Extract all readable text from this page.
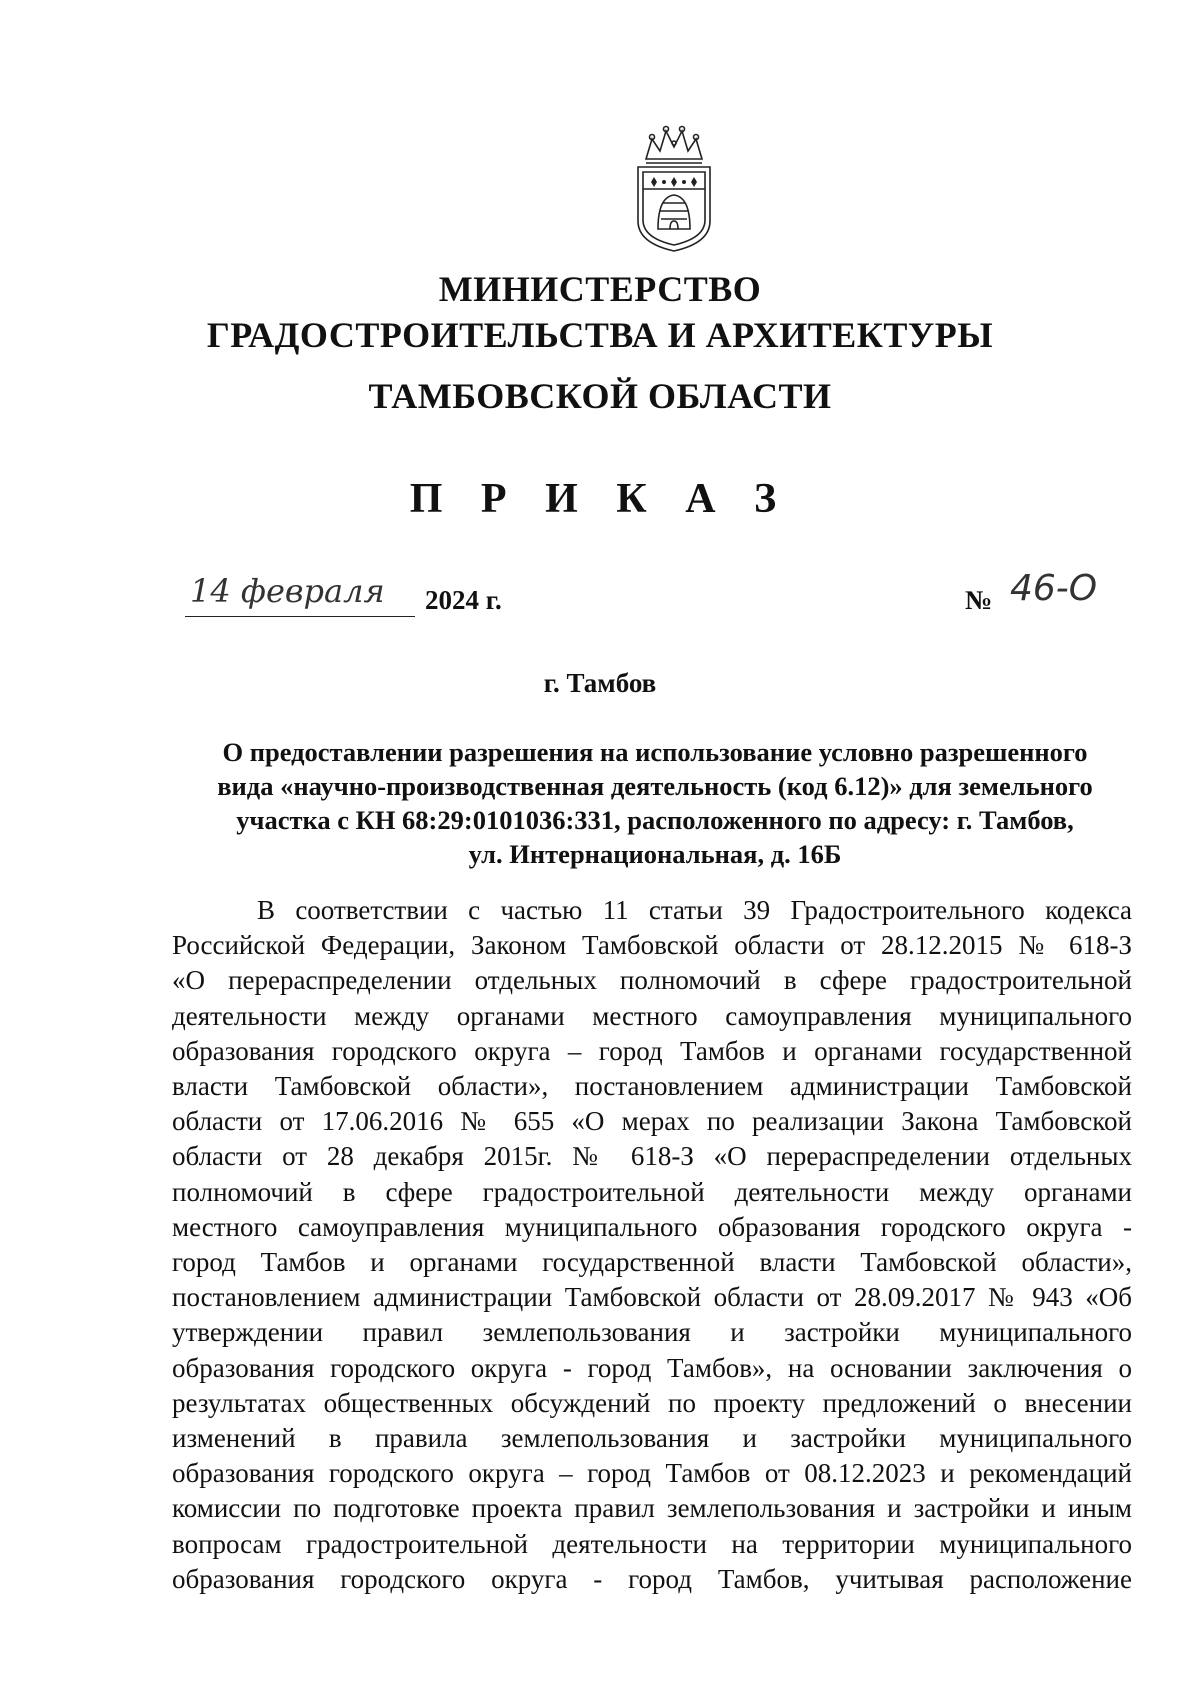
МИНИСТЕРСТВО
ГРАДОСТРОИТЕЛЬСТВА И АРХИТЕКТУРЫ
ТАМБОВСКОЙ ОБЛАСТИ
П Р И К А З
14 февраля 2024 г.	№ 46-О
г. Тамбов
О предоставлении разрешения на использование условно разрешенного
вида «научно-производственная деятельность (код 6.12)» для земельного
участка с КН 68:29:0101036:331, расположенного по адресу: г. Тамбов,
ул. Интернациональная, д. 16Б
В соответствии с частью 11 статьи 39 Градостроительного кодекса
Российской Федерации, Законом Тамбовской области от 28.12.2015 № 618-З
«О перераспределении отдельных полномочий в сфере градостроительной
деятельности между органами местного самоуправления муниципального
образования городского округа – город Тамбов и органами государственной
власти Тамбовской области», постановлением администрации Тамбовской
области от 17.06.2016 № 655 «О мерах по реализации Закона Тамбовской
области от 28 декабря 2015г. № 618-З «О перераспределении отдельных
полномочий в сфере градостроительной деятельности между органами
местного самоуправления муниципального образования городского округа -
город Тамбов и органами государственной власти Тамбовской области»,
постановлением администрации Тамбовской области от 28.09.2017 № 943 «Об
утверждении правил землепользования и застройки муниципального
образования городского округа - город Тамбов», на основании заключения о
результатах общественных обсуждений по проекту предложений о внесении
изменений в правила землепользования и застройки муниципального
образования городского округа – город Тамбов от 08.12.2023 и рекомендаций
комиссии по подготовке проекта правил землепользования и застройки и иным
вопросам градостроительной деятельности на территории муниципального
образования городского округа - город Тамбов, учитывая расположение
